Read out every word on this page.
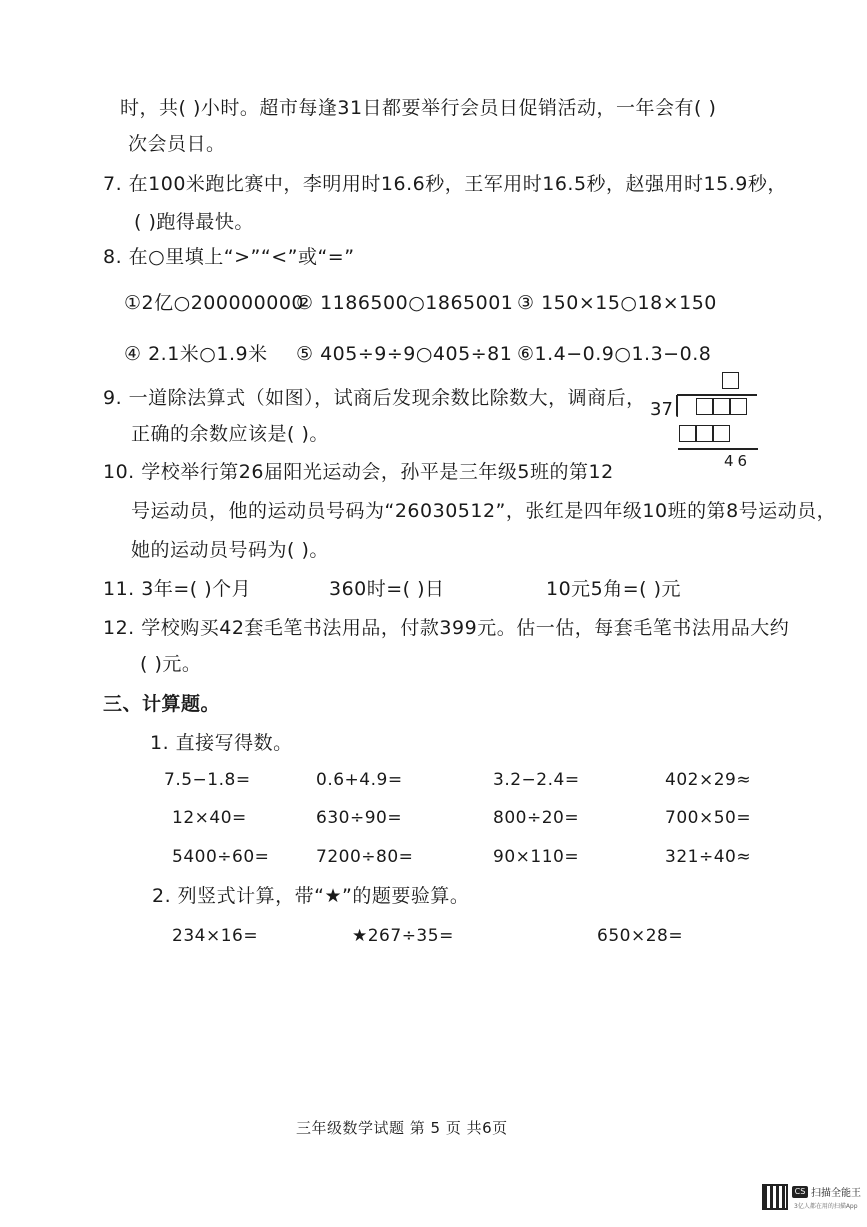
时，共( )小时。超市每逢31日都要举行会员日促销活动，一年会有( )
次会员日。
7. 在100米跑比赛中，李明用时16.6秒，王军用时16.5秒，赵强用时15.9秒，
( )跑得最快。
8. 在○里填上“>”“<”或“=”
①2亿○200000000
② 1186500○1865001 ③ 150×15○18×150
④ 2.1米○1.9米 ⑤ 405÷9÷9○405÷81 ⑥1.4−0.9○1.3−0.8
9. 一道除法算式（如图），试商后发现余数比除数大，调商后，
正确的余数应该是( )。
37
46
10. 学校举行第26届阳光运动会，孙平是三年级5班的第12
号运动员，他的运动员号码为“26030512”，张红是四年级10班的第8号运动员，
她的运动员号码为( )。
11. 3年=( )个月	360时=( )日	10元5角=( )元
12. 学校购买42套毛笔书法用品，付款399元。估一估，每套毛笔书法用品大约
( )元。
三、计算题。
1. 直接写得数。
7.5−1.8=	0.6+4.9=	3.2−2.4=	402×29≈
12×40=	630÷90=	800÷20=	700×50=
5400÷60=	7200÷80=	90×110=	321÷40≈
2. 列竖式计算，带“★”的题要验算。
234×16=	★267÷35=	650×28=
三年级数学试题 第 5 页 共6页
CS 扫描全能王
3亿人都在用的扫描App
